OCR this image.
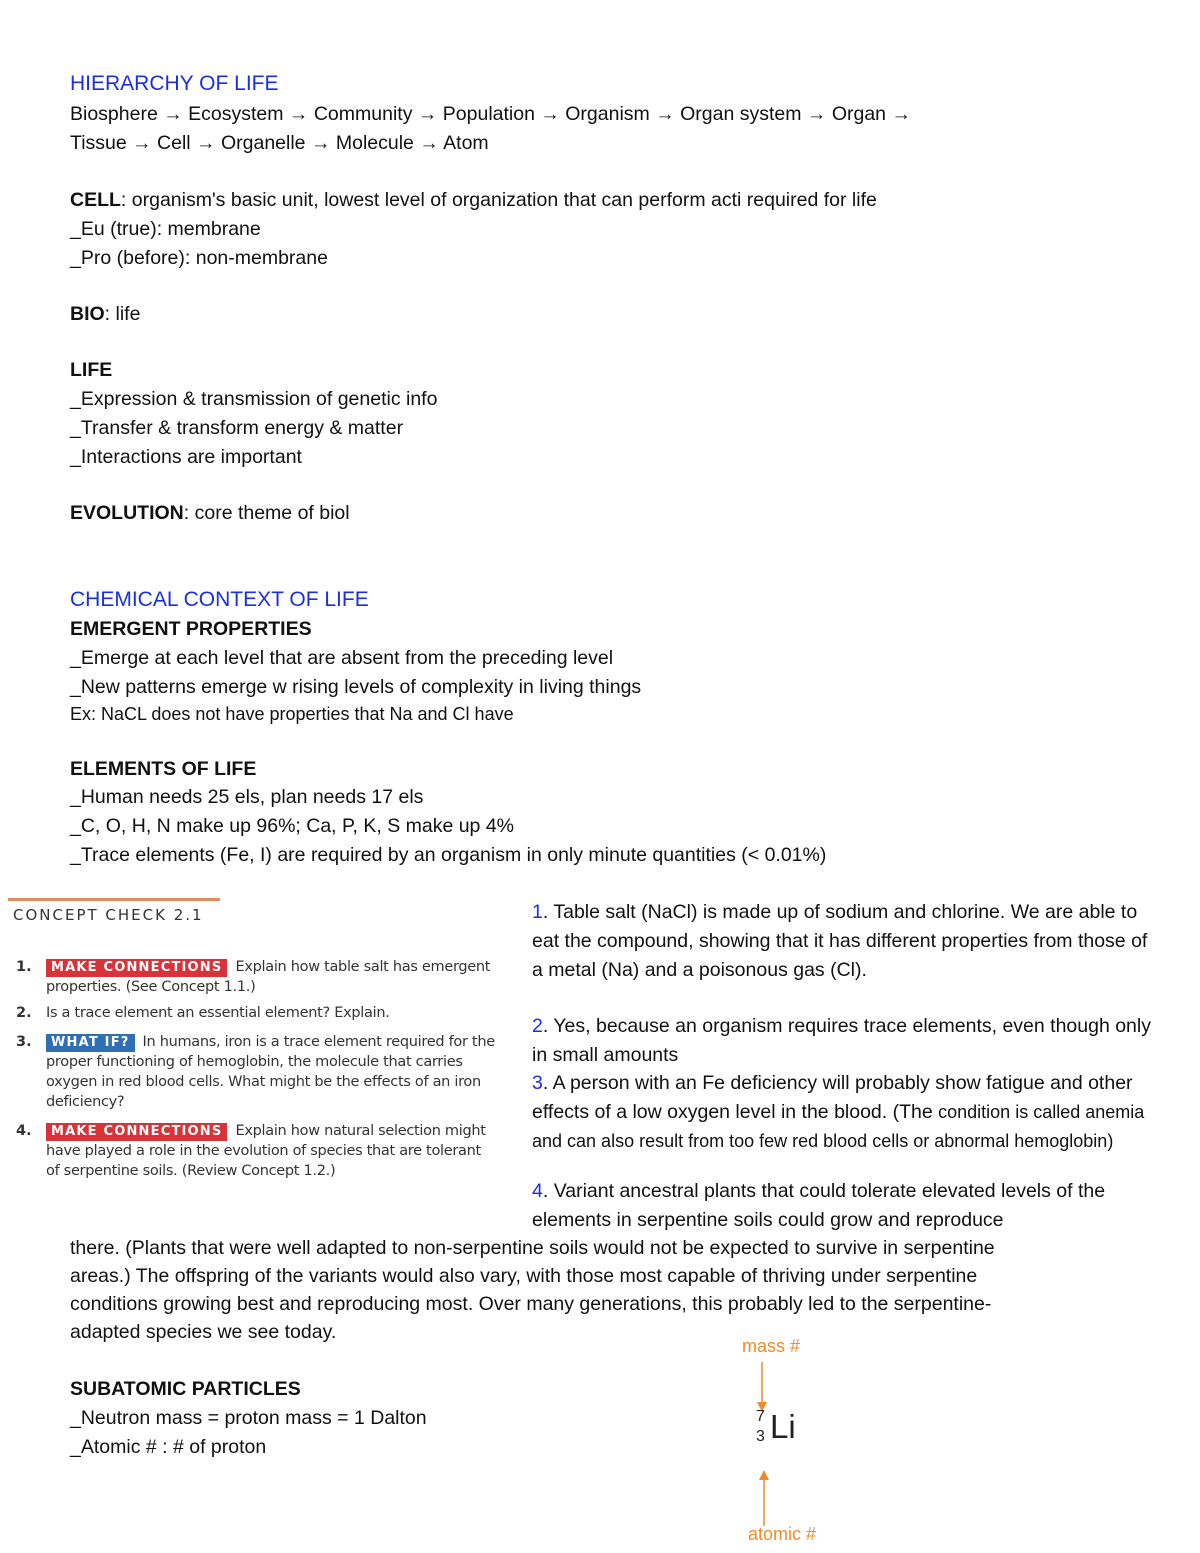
HIERARCHY OF LIFE
Biosphere → Ecosystem → Community → Population → Organism → Organ system → Organ →
Tissue → Cell → Organelle → Molecule → Atom
CELL: organism's basic unit, lowest level of organization that can perform acti required for life
_Eu (true): membrane
_Pro (before): non-membrane
BIO: life
LIFE
_Expression & transmission of genetic info
_Transfer & transform energy & matter
_Interactions are important
EVOLUTION: core theme of biol
CHEMICAL CONTEXT OF LIFE
EMERGENT PROPERTIES
_Emerge at each level that are absent from the preceding level
_New patterns emerge w rising levels of complexity in living things
Ex: NaCL does not have properties that Na and Cl have
ELEMENTS OF LIFE
_Human needs 25 els, plan needs 17 els
_C, O, H, N make up 96%; Ca, P, K, S make up 4%
_Trace elements (Fe, I) are required by an organism in only minute quantities (< 0.01%)
CONCEPT CHECK 2.1
1.	MAKE CONNECTIONS Explain how table salt has emergent properties. (See Concept 1.1.)
2. Is a trace element an essential element? Explain.
3.	WHAT IF? In humans, iron is a trace element required for the proper functioning of hemoglobin, the molecule that carries oxygen in red blood cells. What might be the effects of an iron deficiency?
4.	MAKE CONNECTIONS Explain how natural selection might have played a role in the evolution of species that are tolerant of serpentine soils. (Review Concept 1.2.)
1. Table salt (NaCl) is made up of sodium and chlorine. We are able to eat the compound, showing that it has different properties from those of a metal (Na) and a poisonous gas (Cl).
2. Yes, because an organism requires trace elements, even though only in small amounts
3. A person with an Fe deficiency will probably show fatigue and other effects of a low oxygen level in the blood. (The condition is called anemia and can also result from too few red blood cells or abnormal hemoglobin)
4. Variant ancestral plants that could tolerate elevated levels of the elements in serpentine soils could grow and reproduce
there. (Plants that were well adapted to non-serpentine soils would not be expected to survive in serpentine
areas.) The offspring of the variants would also vary, with those most capable of thriving under serpentine
conditions growing best and reproducing most. Over many generations, this probably led to the serpentine-
adapted species we see today.
SUBATOMIC PARTICLES
_Neutron mass = proton mass = 1 Dalton
_Atomic # : # of proton
mass #
7
3 Li
atomic #
